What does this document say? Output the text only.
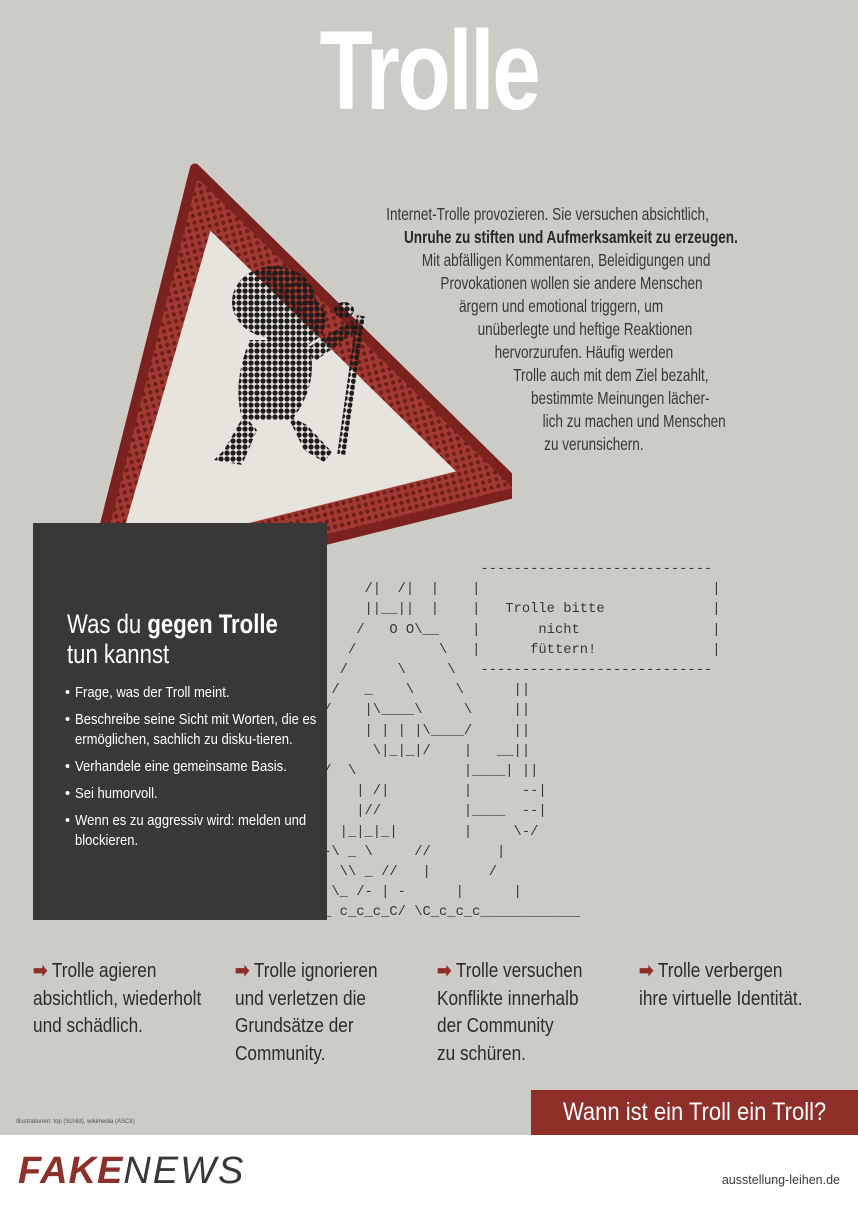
Trolle
Internet-Trolle provozieren. Sie versuchen absichtlich,
Unruhe zu stiften und Aufmerksamkeit zu erzeugen.
Mit abfälligen Kommentaren, Beleidigungen und
Provokationen wollen sie andere Menschen
ärgern und emotional triggern, um
unüberlegte und heftige Reaktionen
hervorzurufen. Häufig werden
Trolle auch mit dem Ziel bezahlt,
bestimmte Meinungen lächer-
lich zu machen und Menschen
zu verunsichern.
Was du gegen Trolle
tun kannst
• Frage, was der Troll meint.
• Beschreibe seine Sicht mit Worten, die es ermöglichen, sachlich zu disku-tieren.
• Verhandele eine gemeinsame Basis.
• Sei humorvoll.
• Wenn es zu aggressiv wird: melden und blockieren.
----------------------------
/|  /|  |    |                            |
||__||  |    |   Trolle bitte             |
/   O O\__    |       nicht                |
/          \   |      füttern!              |
/      \     \   ----------------------------
/   _    \     \      ||
/    |\____\     \     ||
/     | | | |\____/     ||
/       \|_|_|/    |   __||
/  /  \             |____| ||
/  |    | /|         |      --|
|    |//          |____  --|
|  |_|_|_|        |     \-/
_  --\ _ \     //        |
_   \\ _ //   |       /
/   \_ /- | -      |      |
___ c_c_c_C/ \C_c_c_c____________
➡ Trolle agieren
absichtlich, wiederholt
und schädlich.
➡ Trolle ignorieren
und verletzen die
Grundsätze der
Community.
➡ Trolle versuchen
Konflikte innerhalb
der Community
zu schüren.
➡ Trolle verbergen
ihre virtuelle Identität.
Illustrationen: top (Schild), wikimedia (ASCII)	Wann ist ein Troll ein Troll?
FAKENEWS	ausstellung-leihen.de
